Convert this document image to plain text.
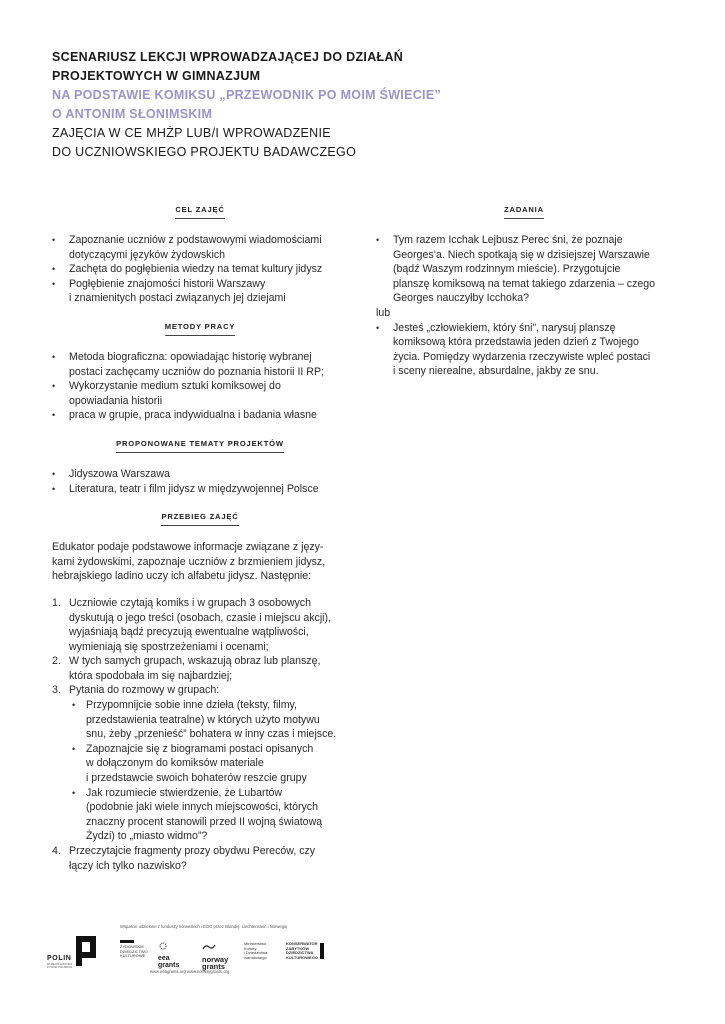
SCENARIUSZ LEKCJI WPROWADZAJĄCEJ DO DZIAŁAŃ
PROJEKTOWYCH W GIMNAZJUM
NA PODSTAWIE KOMIKSU „PRZEWODNIK PO MOIM ŚWIECIE”
O ANTONIM SŁONIMSKIM
ZAJĘCIA W CE MHŻP LUB/I WPROWADZENIE
DO UCZNIOWSKIEGO PROJEKTU BADAWCZEGO
CEL ZAJĘĆ
• Zapoznanie uczniów z podstawowymi wiadomościami
dotyczącymi języków żydowskich
• Zachęta do pogłębienia wiedzy na temat kultury jidysz
• Pogłębienie znajomości historii Warszawy
i znamienitych postaci związanych jej dziejami
METODY PRACY
• Metoda biograficzna: opowiadając historię wybranej
postaci zachęcamy uczniów do poznania historii II RP;
• Wykorzystanie medium sztuki komiksowej do
opowiadania historii
• praca w grupie, praca indywidualna i badania własne
PROPONOWANE TEMATY PROJEKTÓW
• Jidyszowa Warszawa
• Literatura, teatr i film jidysz w międzywojennej Polsce
PRZEBIEG ZAJĘĆ

Edukator podaje podstawowe informacje związane z języ-
kami żydowskimi, zapoznaje uczniów z brzmieniem jidysz,
hebrajskiego ladino uczy ich alfabetu jidysz. Następnie:

1. Uczniowie czytają komiks i w grupach 3 osobowych
dyskutują o jego treści (osobach, czasie i miejscu akcji),
wyjaśniają bądź precyzują ewentualne wątpliwości,
wymieniają się spostrzeżeniami i ocenami;
2. W tych samych grupach, wskazują obraz lub planszę,
która spodobała im się najbardziej;
3. Pytania do rozmowy w grupach:
• Przypomnijcie sobie inne dzieła (teksty, filmy,
przedstawienia teatralne) w których użyto motywu
snu, żeby „przenieść” bohatera w inny czas i miejsce.
• Zapoznajcie się z biogramami postaci opisanych
w dołączonym do komiksów materiale
i przedstawcie swoich bohaterów reszcie grupy
• Jak rozumiecie stwierdzenie, że Lubartów
(podobnie jaki wiele innych miejscowości, których
znaczny procent stanowili przed II wojną światową
Żydzi) to „miasto widmo”?
4. Przeczytajcie fragmenty prozy obydwu Pereców, czy
łączy ich tylko nazwisko?
ZADANIA
• Tym razem Icchak Lejbusz Perec śni, że poznaje
Georges’a. Niech spotkają się w dzisiejszej Warszawie
(bądź Waszym rodzinnym mieście). Przygotujcie
planszę komiksową na temat takiego zdarzenia – czego
Georges nauczyłby Icchoka?
lub
• Jesteś „człowiekiem, który śni”, narysuj planszę
komiksową która przedstawia jeden dzień z Twojego
życia. Pomiędzy wydarzenia rzeczywiste wpleć postaci
i sceny nierealne, absurdalne, jakby ze snu.
Wsparcie udzielone z funduszy norweskich i EOG przez Islandię, Liechtenstein i Norwegię
POLIN
MUZEUM HISTORII ŻYDÓW POLSKICH
ŻYDOWSKIE
DZIEDZICTWO
KULTUROWE	eea
grants
norway
grants
Ministerstwo
Kultury
i Dziedzictwa
Narodowego
KONSERWATOR
ZABYTKÓW
DZIEDZICTWA
KULTUROWEGO
www.eeagrants.org www.norwaygrants.org
